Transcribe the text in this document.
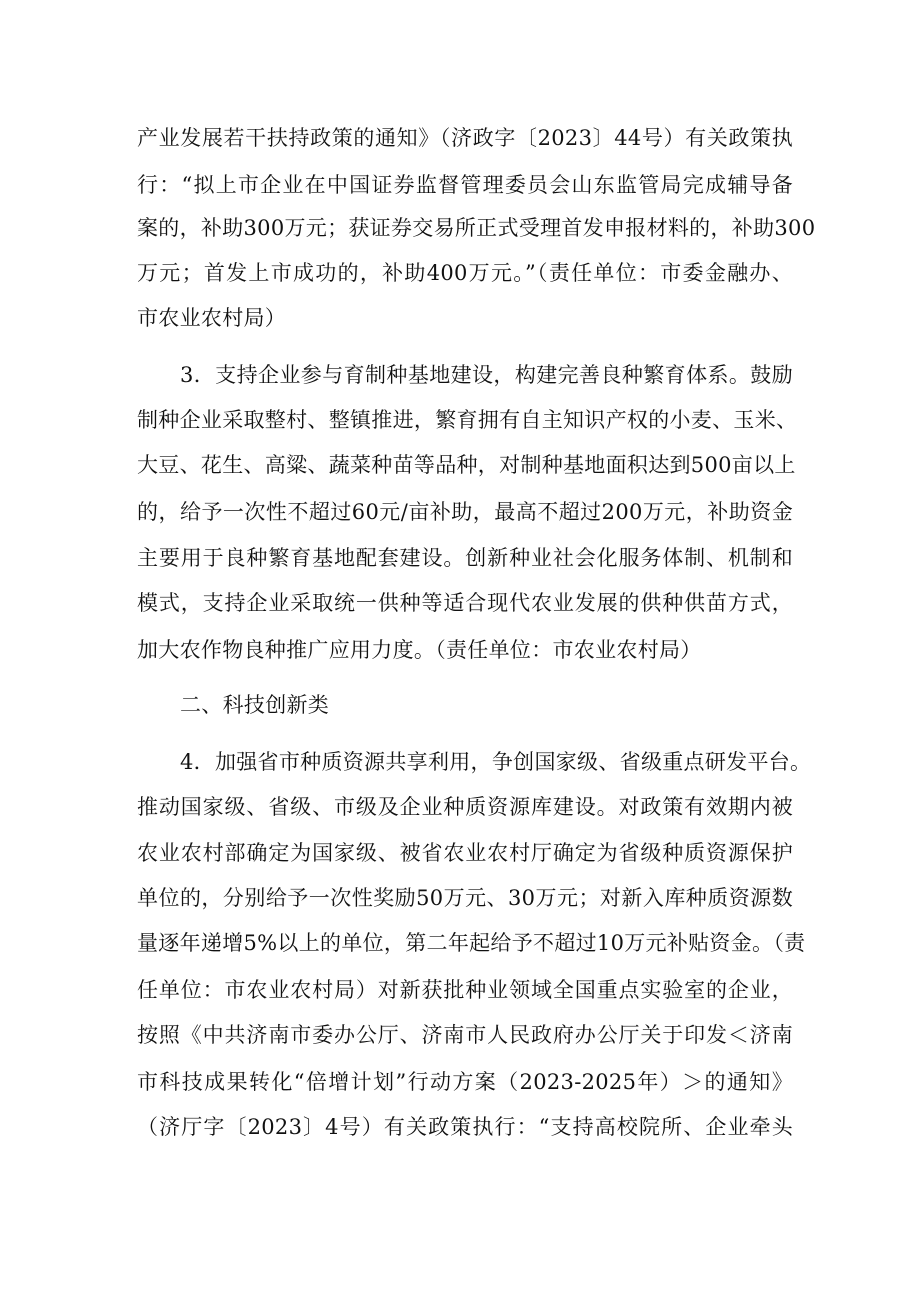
产业发展若干扶持政策的通知》（济政字〔2023〕44号）有关政策执
行：“拟上市企业在中国证券监督管理委员会山东监管局完成辅导备
案的，补助300万元；获证券交易所正式受理首发申报材料的，补助300
万元；首发上市成功的，补助400万元。”（责任单位：市委金融办、
市农业农村局）
3．支持企业参与育制种基地建设，构建完善良种繁育体系。鼓励
制种企业采取整村、整镇推进，繁育拥有自主知识产权的小麦、玉米、
大豆、花生、高粱、蔬菜种苗等品种，对制种基地面积达到500亩以上
的，给予一次性不超过60元/亩补助，最高不超过200万元，补助资金
主要用于良种繁育基地配套建设。创新种业社会化服务体制、机制和
模式，支持企业采取统一供种等适合现代农业发展的供种供苗方式，
加大农作物良种推广应用力度。（责任单位：市农业农村局）
二、科技创新类
4．加强省市种质资源共享利用，争创国家级、省级重点研发平台。
推动国家级、省级、市级及企业种质资源库建设。对政策有效期内被
农业农村部确定为国家级、被省农业农村厅确定为省级种质资源保护
单位的，分别给予一次性奖励50万元、30万元；对新入库种质资源数
量逐年递增5%以上的单位，第二年起给予不超过10万元补贴资金。（责
任单位：市农业农村局）对新获批种业领域全国重点实验室的企业，
按照《中共济南市委办公厅、济南市人民政府办公厅关于印发＜济南
市科技成果转化“倍增计划”行动方案（2023-2025年）＞的通知》
（济厅字〔2023〕4号）有关政策执行：“支持高校院所、企业牵头
